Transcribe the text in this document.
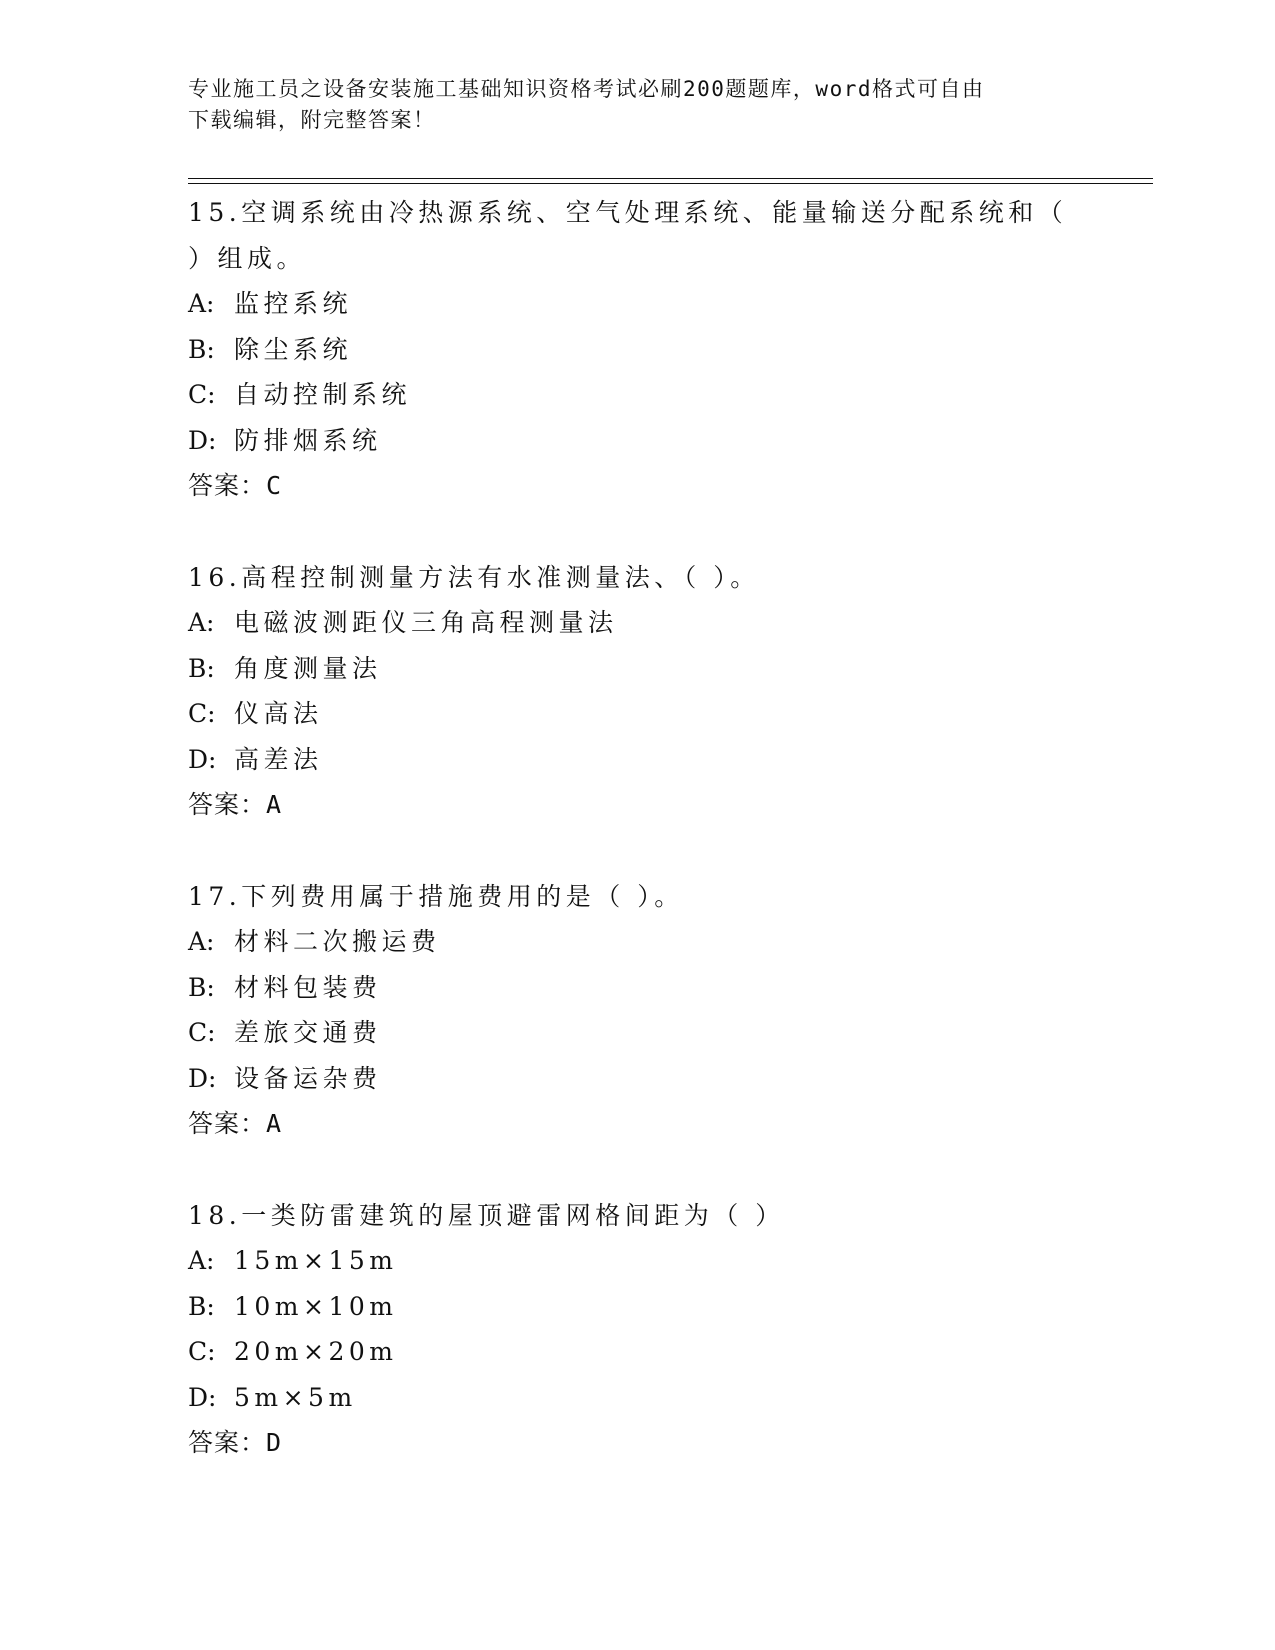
专业施工员之设备安装施工基础知识资格考试必刷200题题库，word格式可自由
下载编辑，附完整答案！
15.空调系统由冷热源系统、空气处理系统、能量输送分配系统和（
）组成。
A: 监控系统
B: 除尘系统
C: 自动控制系统
D: 防排烟系统
答案：C
16.高程控制测量方法有水准测量法、（ ）。
A: 电磁波测距仪三角高程测量法
B: 角度测量法
C: 仪高法
D: 高差法
答案：A
17.下列费用属于措施费用的是（ ）。
A: 材料二次搬运费
B: 材料包装费
C: 差旅交通费
D: 设备运杂费
答案：A
18.一类防雷建筑的屋顶避雷网格间距为（ ）
A: 15m×15m
B: 10m×10m
C: 20m×20m
D: 5m×5m
答案：D
